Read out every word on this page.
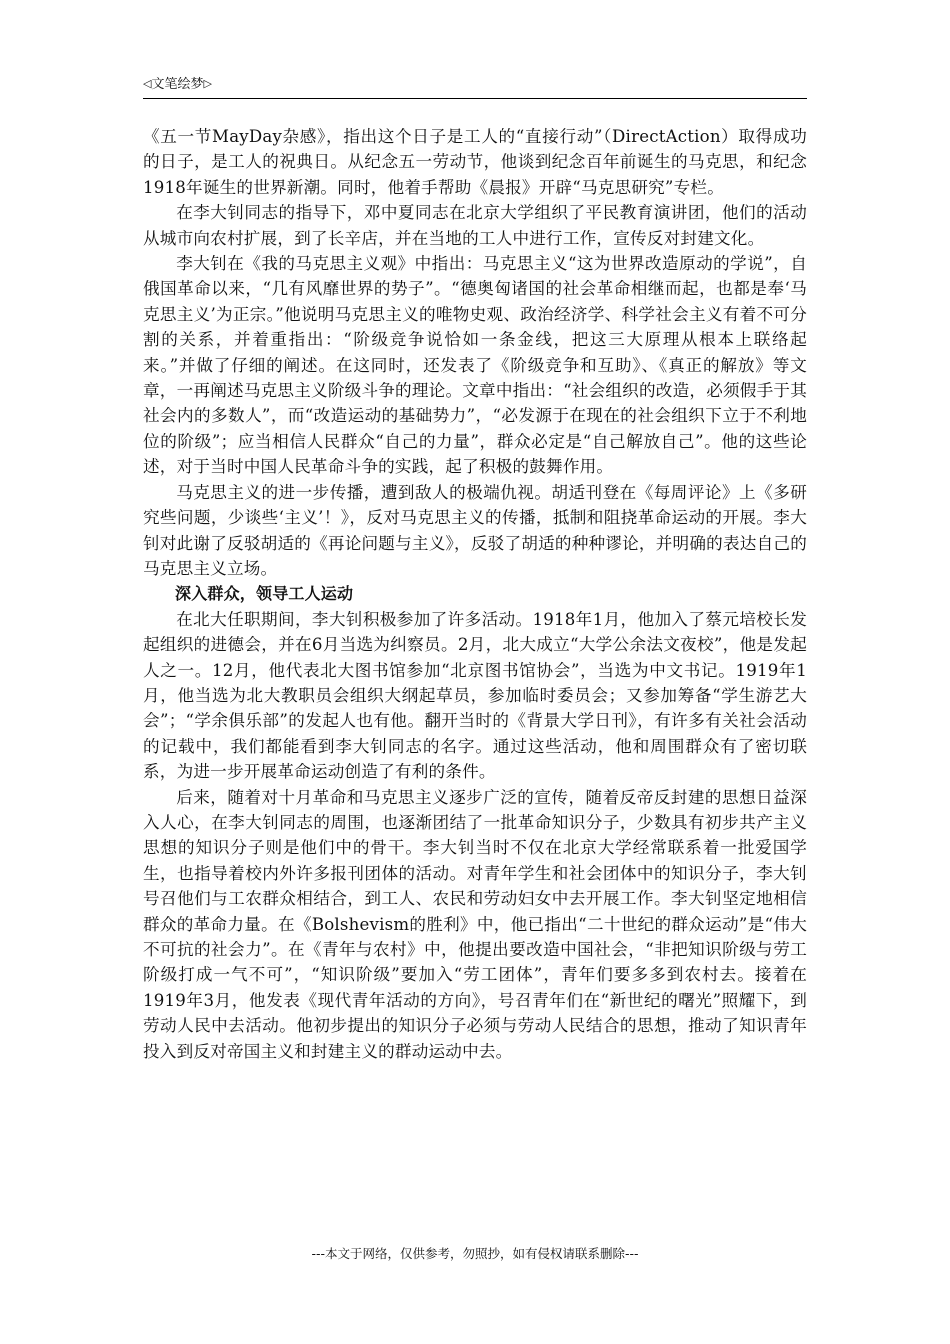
◁文笔绘梦▷

《五一节MayDay杂感》，指出这个日子是工人的“直接行动”（DirectAction）取得成功的日子，是工人的祝典日。从纪念五一劳动节，他谈到纪念百年前诞生的马克思，和纪念1918年诞生的世界新潮。同时，他着手帮助《晨报》开辟“马克思研究”专栏。

在李大钊同志的指导下，邓中夏同志在北京大学组织了平民教育演讲团，他们的活动从城市向农村扩展，到了长辛店，并在当地的工人中进行工作，宣传反对封建文化。

李大钊在《我的马克思主义观》中指出：马克思主义“这为世界改造原动的学说”，自俄国革命以来，“几有风靡世界的势子”。“德奥匈诸国的社会革命相继而起，也都是奉‘马克思主义’为正宗。”他说明马克思主义的唯物史观、政治经济学、科学社会主义有着不可分割的关系，并着重指出：“阶级竞争说恰如一条金线，把这三大原理从根本上联络起来。”并做了仔细的阐述。在这同时，还发表了《阶级竞争和互助》、《真正的解放》等文章，一再阐述马克思主义阶级斗争的理论。文章中指出：“社会组织的改造，必须假手于其社会内的多数人”，而“改造运动的基础势力”，“必发源于在现在的社会组织下立于不利地位的阶级”；应当相信人民群众“自己的力量”，群众必定是“自己解放自己”。他的这些论述，对于当时中国人民革命斗争的实践，起了积极的鼓舞作用。

马克思主义的进一步传播，遭到敌人的极端仇视。胡适刊登在《每周评论》上《多研究些问题，少谈些‘主义’！》，反对马克思主义的传播，抵制和阻挠革命运动的开展。李大钊对此谢了反驳胡适的《再论问题与主义》，反驳了胡适的种种谬论，并明确的表达自己的马克思主义立场。

深入群众，领导工人运动

在北大任职期间，李大钊积极参加了许多活动。1918年1月，他加入了蔡元培校长发起组织的进德会，并在6月当选为纠察员。2月，北大成立“大学公余法文夜校”，他是发起人之一。12月，他代表北大图书馆参加“北京图书馆协会”，当选为中文书记。1919年1月，他当选为北大教职员会组织大纲起草员，参加临时委员会；又参加筹备“学生游艺大会”；“学余俱乐部”的发起人也有他。翻开当时的《背景大学日刊》，有许多有关社会活动的记载中，我们都能看到李大钊同志的名字。通过这些活动，他和周围群众有了密切联系，为进一步开展革命运动创造了有利的条件。

后来，随着对十月革命和马克思主义逐步广泛的宣传，随着反帝反封建的思想日益深入人心，在李大钊同志的周围，也逐渐团结了一批革命知识分子，少数具有初步共产主义思想的知识分子则是他们中的骨干。李大钊当时不仅在北京大学经常联系着一批爱国学生，也指导着校内外许多报刊团体的活动。对青年学生和社会团体中的知识分子，李大钊号召他们与工农群众相结合，到工人、农民和劳动妇女中去开展工作。李大钊坚定地相信群众的革命力量。在《Bolshevism的胜利》中，他已指出“二十世纪的群众运动”是“伟大不可抗的社会力”。在《青年与农村》中，他提出要改造中国社会，“非把知识阶级与劳工阶级打成一气不可”，“知识阶级”要加入“劳工团体”，青年们要多多到农村去。接着在1919年3月，他发表《现代青年活动的方向》，号召青年们在“新世纪的曙光”照耀下，到劳动人民中去活动。他初步提出的知识分子必须与劳动人民结合的思想，推动了知识青年投入到反对帝国主义和封建主义的群动运动中去。

---本文于网络，仅供参考，勿照抄，如有侵权请联系删除---
